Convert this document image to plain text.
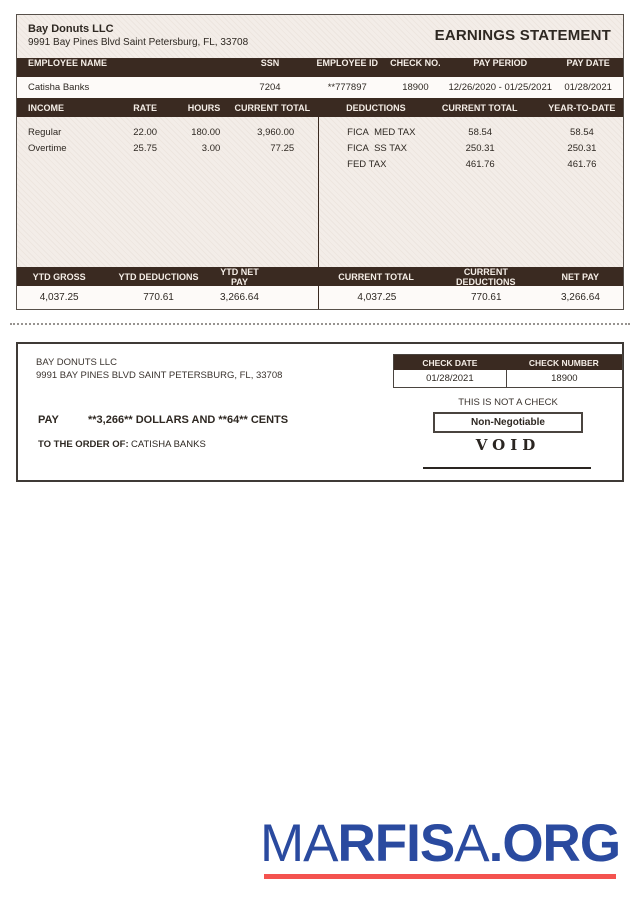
Bay Donuts LLC
9991 Bay Pines Blvd Saint Petersburg, FL, 33708	EARNINGS STATEMENT
EMPLOYEE NAME	SSN	EMPLOYEE ID	CHECK NO.	PAY PERIOD	PAY DATE
Catisha Banks	7204	**777897	18900	12/26/2020 - 01/25/2021	01/28/2021
INCOME	RATE	HOURS	CURRENT TOTAL	DEDUCTIONS	CURRENT TOTAL	YEAR-TO-DATE
Regular	22.00	180.00	3,960.00
Overtime	25.75	3.00	77.25
FICA  MED TAX	58.54	58.54
FICA  SS TAX	250.31	250.31
FED TAX	461.76	461.76
YTD GROSS	YTD DEDUCTIONS	YTD NET PAY	CURRENT TOTAL	CURRENT DEDUCTIONS	NET PAY
4,037.25	770.61	3,266.64	4,037.25	770.61	3,266.64
BAY DONUTS LLC
9991 BAY PINES BLVD SAINT PETERSBURG, FL, 33708
CHECK DATE	CHECK NUMBER
01/28/2021	18900
THIS IS NOT A CHECK
Non-Negotiable
VOID
PAY	**3,266** DOLLARS AND **64** CENTS
TO THE ORDER OF: CATISHA BANKS
MARFISA.ORG
